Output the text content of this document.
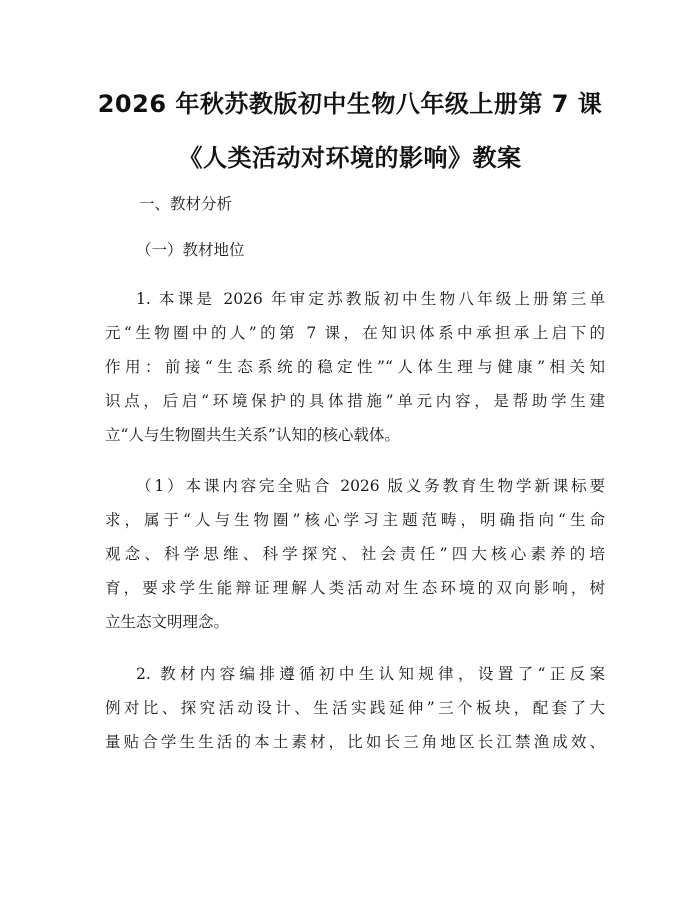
2026 年秋苏教版初中生物八年级上册第 7 课
《人类活动对环境的影响》教案
一、教材分析
（一）教材地位
1. 本课是 2026 年审定苏教版初中生物八年级上册第三单
元“生物圈中的人”的第 7 课，在知识体系中承担承上启下的
作用：前接“生态系统的稳定性”“人体生理与健康”相关知
识点，后启“环境保护的具体措施”单元内容，是帮助学生建
立“人与生物圈共生关系”认知的核心载体。
（1）本课内容完全贴合 2026 版义务教育生物学新课标要
求，属于“人与生物圈”核心学习主题范畴，明确指向“生命
观念、科学思维、科学探究、社会责任”四大核心素养的培
育，要求学生能辩证理解人类活动对生态环境的双向影响，树
立生态文明理念。
2. 教材内容编排遵循初中生认知规律，设置了“正反案
例对比、探究活动设计、生活实践延伸”三个板块，配套了大
量贴合学生生活的本土素材，比如长三角地区长江禁渔成效、
